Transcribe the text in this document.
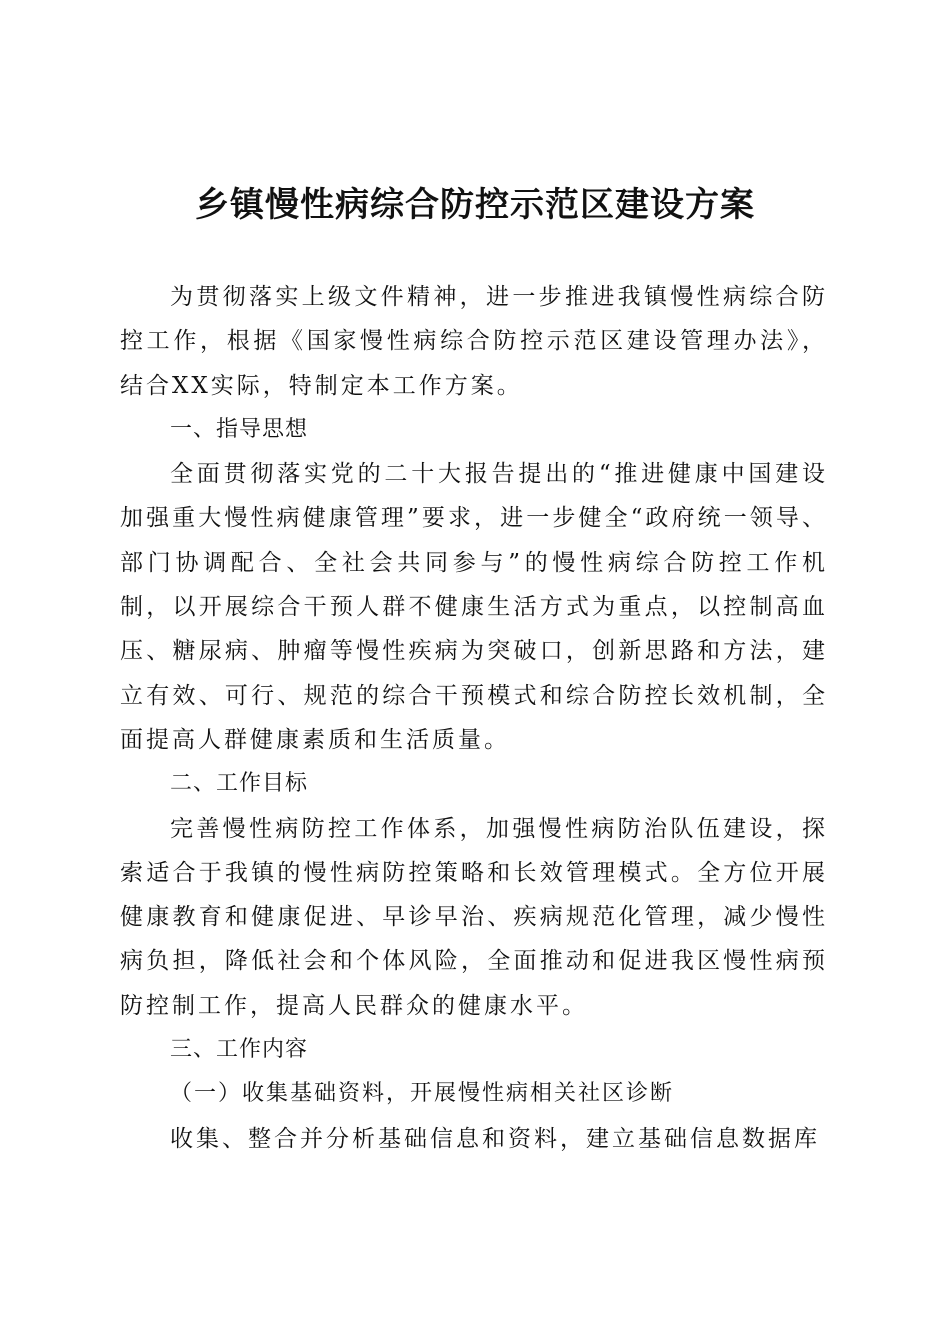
乡镇慢性病综合防控示范区建设方案

为贯彻落实上级文件精神，进一步推进我镇慢性病综合防控工作，根据《国家慢性病综合防控示范区建设管理办法》，结合XX实际，特制定本工作方案。

一、指导思想

全面贯彻落实党的二十大报告提出的“推进健康中国建设 加强重大慢性病健康管理”要求，进一步健全“政府统一领导、部门协调配合、全社会共同参与”的慢性病综合防控工作机制，以开展综合干预人群不健康生活方式为重点，以控制高血压、糖尿病、肿瘤等慢性疾病为突破口，创新思路和方法，建立有效、可行、规范的综合干预模式和综合防控长效机制，全面提高人群健康素质和生活质量。

二、工作目标

完善慢性病防控工作体系，加强慢性病防治队伍建设，探索适合于我镇的慢性病防控策略和长效管理模式。全方位开展健康教育和健康促进、早诊早治、疾病规范化管理，减少慢性病负担，降低社会和个体风险，全面推动和促进我区慢性病预防控制工作，提高人民群众的健康水平。

三、工作内容

（一）收集基础资料，开展慢性病相关社区诊断

收集、整合并分析基础信息和资料，建立基础信息数据库
